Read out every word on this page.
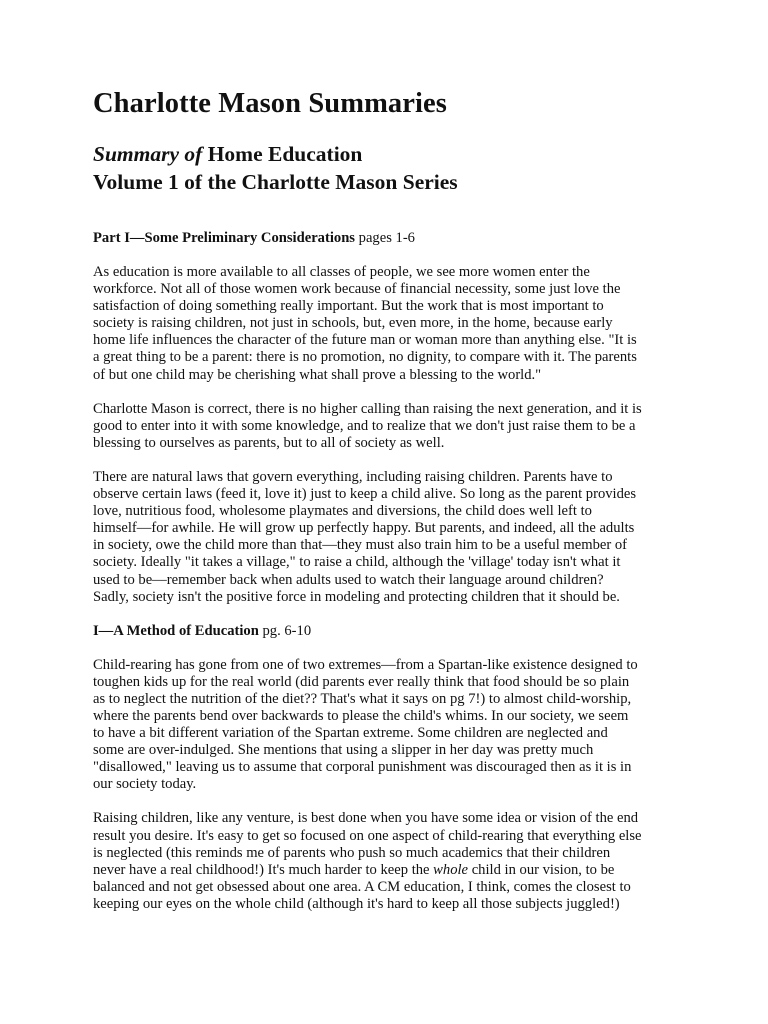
Charlotte Mason Summaries
Summary of Home Education
Volume 1 of the Charlotte Mason Series

Part I—Some Preliminary Considerations pages 1-6

As education is more available to all classes of people, we see more women enter the
workforce. Not all of those women work because of financial necessity, some just love the
satisfaction of doing something really important. But the work that is most important to
society is raising children, not just in schools, but, even more, in the home, because early
home life influences the character of the future man or woman more than anything else. "It is
a great thing to be a parent: there is no promotion, no dignity, to compare with it. The parents
of but one child may be cherishing what shall prove a blessing to the world."

Charlotte Mason is correct, there is no higher calling than raising the next generation, and it is
good to enter into it with some knowledge, and to realize that we don't just raise them to be a
blessing to ourselves as parents, but to all of society as well.

There are natural laws that govern everything, including raising children. Parents have to
observe certain laws (feed it, love it) just to keep a child alive. So long as the parent provides
love, nutritious food, wholesome playmates and diversions, the child does well left to
himself—for awhile. He will grow up perfectly happy. But parents, and indeed, all the adults
in society, owe the child more than that—they must also train him to be a useful member of
society. Ideally "it takes a village," to raise a child, although the 'village' today isn't what it
used to be—remember back when adults used to watch their language around children?
Sadly, society isn't the positive force in modeling and protecting children that it should be.

I—A Method of Education pg. 6-10

Child-rearing has gone from one of two extremes—from a Spartan-like existence designed to
toughen kids up for the real world (did parents ever really think that food should be so plain
as to neglect the nutrition of the diet?? That's what it says on pg 7!) to almost child-worship,
where the parents bend over backwards to please the child's whims. In our society, we seem
to have a bit different variation of the Spartan extreme. Some children are neglected and
some are over-indulged. She mentions that using a slipper in her day was pretty much
"disallowed," leaving us to assume that corporal punishment was discouraged then as it is in
our society today.

Raising children, like any venture, is best done when you have some idea or vision of the end
result you desire. It's easy to get so focused on one aspect of child-rearing that everything else
is neglected (this reminds me of parents who push so much academics that their children
never have a real childhood!) It's much harder to keep the whole child in our vision, to be
balanced and not get obsessed about one area. A CM education, I think, comes the closest to
keeping our eyes on the whole child (although it's hard to keep all those subjects juggled!)
